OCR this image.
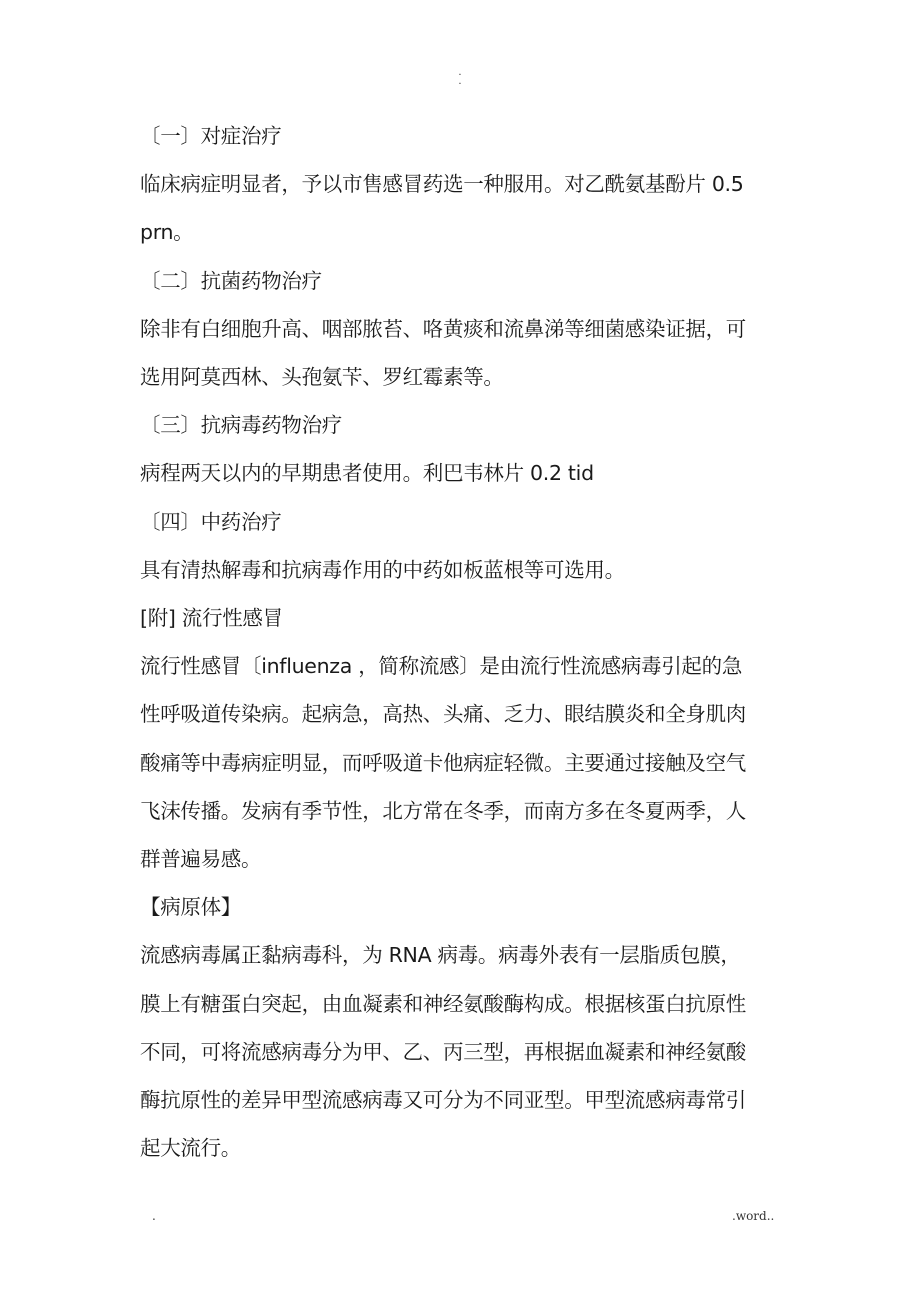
.
.

〔一〕对症治疗

临床病症明显者，予以市售感冒药选一种服用。对乙酰氨基酚片 0.5

prn。

〔二〕抗菌药物治疗

除非有白细胞升高、咽部脓苔、咯黄痰和流鼻涕等细菌感染证据，可

选用阿莫西林、头孢氨苄、罗红霉素等。

〔三〕抗病毒药物治疗

病程两天以内的早期患者使用。利巴韦林片 0.2 tid

〔四〕中药治疗

具有清热解毒和抗病毒作用的中药如板蓝根等可选用。

[附] 流行性感冒

流行性感冒〔influenza ，简称流感〕是由流行性流感病毒引起的急

性呼吸道传染病。起病急，高热、头痛、乏力、眼结膜炎和全身肌肉

酸痛等中毒病症明显，而呼吸道卡他病症轻微。主要通过接触及空气

飞沫传播。发病有季节性，北方常在冬季，而南方多在冬夏两季，人

群普遍易感。

【病原体】

流感病毒属正黏病毒科，为 RNA 病毒。病毒外表有一层脂质包膜，

膜上有糖蛋白突起，由血凝素和神经氨酸酶构成。根据核蛋白抗原性

不同，可将流感病毒分为甲、乙、丙三型，再根据血凝素和神经氨酸

酶抗原性的差异甲型流感病毒又可分为不同亚型。甲型流感病毒常引

起大流行。

.	.word..
